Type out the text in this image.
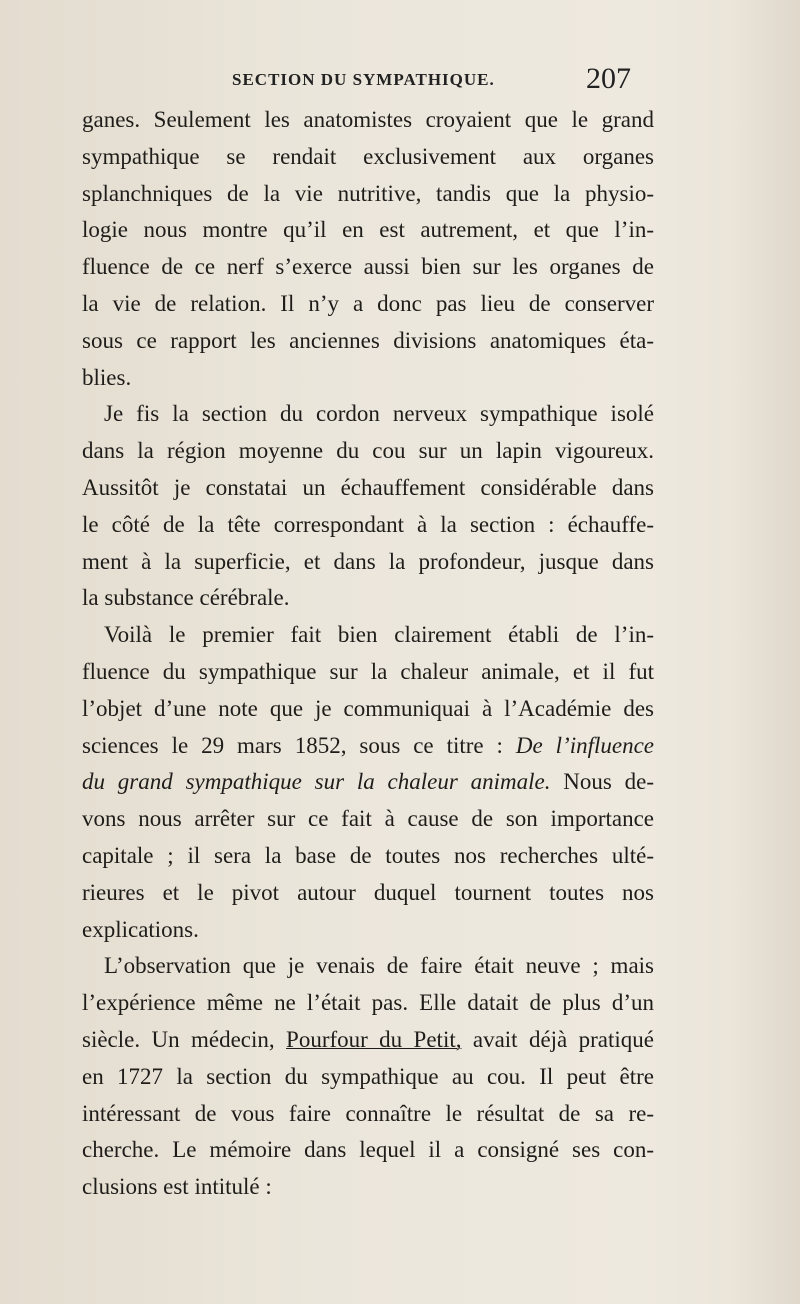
SECTION DU SYMPATHIQUE.	207
ganes. Seulement les anatomistes croyaient que le grand
sympathique se rendait exclusivement aux organes
splanchniques de la vie nutritive, tandis que la physio-
logie nous montre qu’il en est autrement, et que l’in-
fluence de ce nerf s’exerce aussi bien sur les organes de
la vie de relation. Il n’y a donc pas lieu de conserver
sous ce rapport les anciennes divisions anatomiques éta-
blies.
Je fis la section du cordon nerveux sympathique isolé
dans la région moyenne du cou sur un lapin vigoureux.
Aussitôt je constatai un échauffement considérable dans
le côté de la tête correspondant à la section : échauffe-
ment à la superficie, et dans la profondeur, jusque dans
la substance cérébrale.
Voilà le premier fait bien clairement établi de l’in-
fluence du sympathique sur la chaleur animale, et il fut
l’objet d’une note que je communiquai à l’Académie des
sciences le 29 mars 1852, sous ce titre : De l’influence
du grand sympathique sur la chaleur animale. Nous de-
vons nous arrêter sur ce fait à cause de son importance
capitale ; il sera la base de toutes nos recherches ulté-
rieures et le pivot autour duquel tournent toutes nos
explications.
L’observation que je venais de faire était neuve ; mais
l’expérience même ne l’était pas. Elle datait de plus d’un
siècle. Un médecin, Pourfour du Petit, avait déjà pratiqué
en 1727 la section du sympathique au cou. Il peut être
intéressant de vous faire connaître le résultat de sa re-
cherche. Le mémoire dans lequel il a consigné ses con-
clusions est intitulé :
